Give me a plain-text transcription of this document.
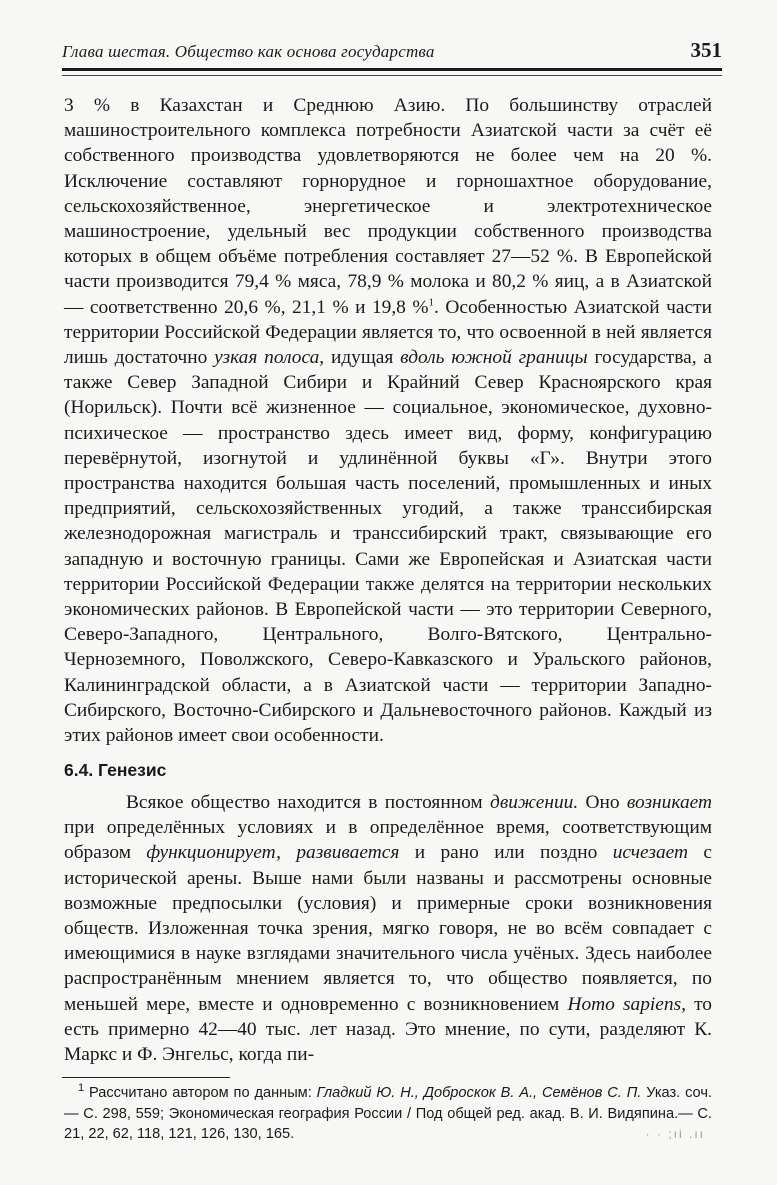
Глава шестая. Общество как основа государства	351

3 % в Казахстан и Среднюю Азию. По большинству отраслей машиностроительного комплекса потребности Азиатской части за счёт её собственного производства удовлетворяются не более чем на 20 %. Исключение составляют горнорудное и горношахтное оборудование, сельскохозяйственное, энергетическое и электротехническое машиностроение, удельный вес продукции собственного производства которых в общем объёме потребления составляет 27—52 %. В Европейской части производится 79,4 % мяса, 78,9 % молока и 80,2 % яиц, а в Азиатской — соответственно 20,6 %, 21,1 % и 19,8 %$^1$. Особенностью Азиатской части территории Российской Федерации является то, что освоенной в ней является лишь достаточно узкая полоса, идущая вдоль южной границы государства, а также Север Западной Сибири и Крайний Север Красноярского края (Норильск). Почти всё жизненное — социальное, экономическое, духовно-психическое — пространство здесь имеет вид, форму, конфигурацию перевёрнутой, изогнутой и удлинённой буквы «Г». Внутри этого пространства находится большая часть поселений, промышленных и иных предприятий, сельскохозяйственных угодий, а также транссибирская железнодорожная магистраль и транссибирский тракт, связывающие его западную и восточную границы. Сами же Европейская и Азиатская части территории Российской Федерации также делятся на территории нескольких экономических районов. В Европейской части — это территории Северного, Северо-Западного, Центрального, Волго-Вятского, Центрально-Черноземного, Поволжского, Северо-Кавказского и Уральского районов, Калининградской области, а в Азиатской части — территории Западно-Сибирского, Восточно-Сибирского и Дальневосточного районов. Каждый из этих районов имеет свои особенности.

6.4. Генезис

Всякое общество находится в постоянном движении. Оно возникает при определённых условиях и в определённое время, соответствующим образом функционирует, развивается и рано или поздно исчезает с исторической арены. Выше нами были названы и рассмотрены основные возможные предпосылки (условия) и примерные сроки возникновения обществ. Изложенная точка зрения, мягко говоря, не во всём совпадает с имеющимися в науке взглядами значительного числа учёных. Здесь наиболее распространённым мнением является то, что общество появляется, по меньшей мере, вместе и одновременно с возникновением Homo sapiens, то есть примерно 42—40 тыс. лет назад. Это мнение, по сути, разделяют К. Маркс и Ф. Энгельс, когда пи-

$^1$ Рассчитано автором по данным: Гладкий Ю. Н., Доброскок В. А., Семёнов С. П. Указ. соч.— С. 298, 559; Экономическая география России / Под общей ред. акад. В. И. Видяпина.— С. 21, 22, 62, 118, 121, 126, 130, 165.	· · ;ıi .ıı
